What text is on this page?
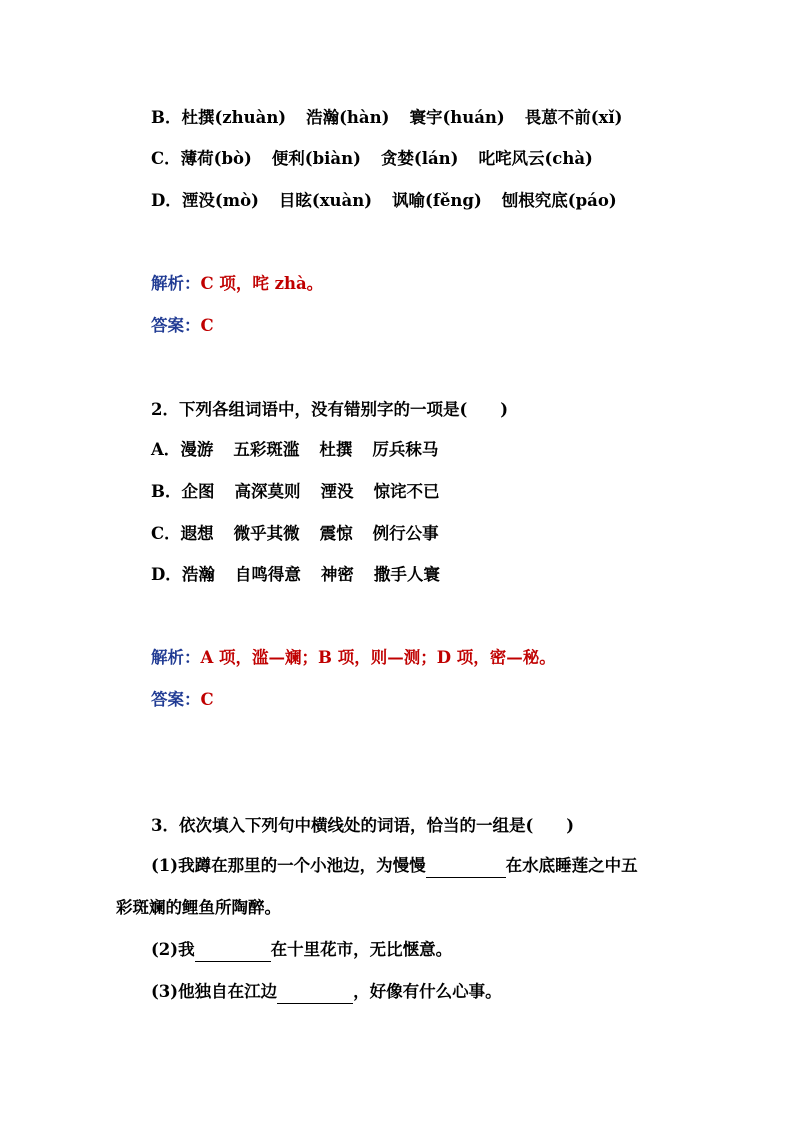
B．杜撰(zhuàn) 浩瀚(hàn) 寰宇(huán) 畏葸不前(xǐ)
C．薄荷(bò) 便利(biàn) 贪婪(lán) 叱咤风云(chà)
D．湮没(mò) 目眩(xuàn) 讽喻(fěng) 刨根究底(páo)
解析：C 项，咤 zhà。
答案：C
2．下列各组词语中，没有错别字的一项是(　　)
A．漫游 五彩斑滥 杜撰 厉兵秣马
B．企图 高深莫则 湮没 惊诧不已
C．遐想 微乎其微 震惊 例行公事
D．浩瀚 自鸣得意 神密 撒手人寰
解析：A 项，滥—斓；B 项，则—测；D 项，密—秘。
答案：C
3．依次填入下列句中横线处的词语，恰当的一组是(　　)
(1)我蹲在那里的一个小池边，为慢慢	在水底睡莲之中五
彩斑斓的鲤鱼所陶醉。
(2)我	在十里花市，无比惬意。
(3)他独自在江边	，好像有什么心事。
